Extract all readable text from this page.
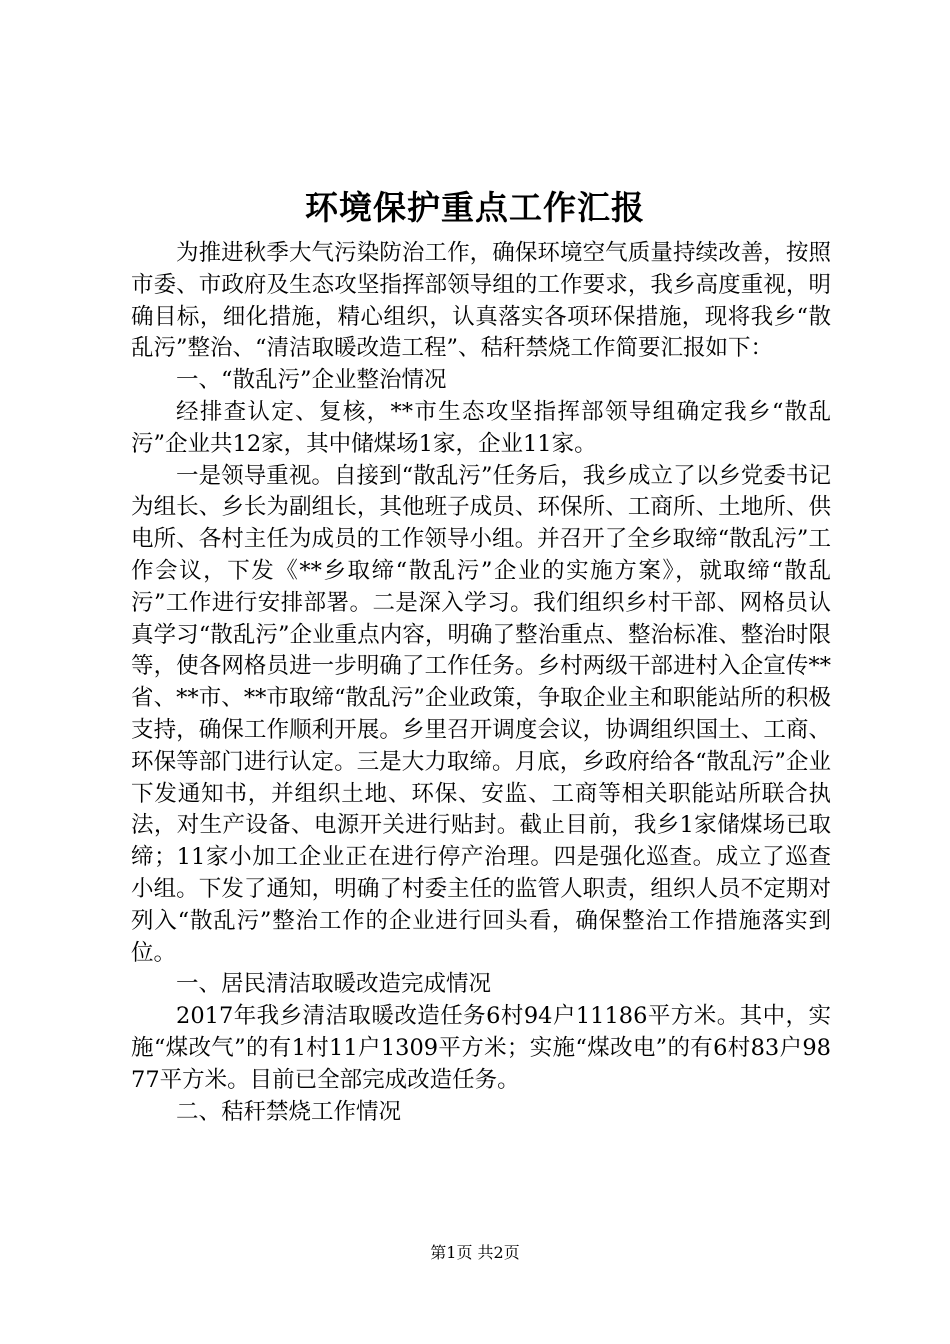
环境保护重点工作汇报

为推进秋季大气污染防治工作，确保环境空气质量持续改善，按照市委、市政府及生态攻坚指挥部领导组的工作要求，我乡高度重视，明确目标，细化措施，精心组织，认真落实各项环保措施，现将我乡“散乱污”整治、“清洁取暖改造工程”、秸秆禁烧工作简要汇报如下：

一、“散乱污”企业整治情况

经排查认定、复核，**市生态攻坚指挥部领导组确定我乡“散乱污”企业共12家，其中储煤场1家，企业11家。

一是领导重视。自接到“散乱污”任务后，我乡成立了以乡党委书记为组长、乡长为副组长，其他班子成员、环保所、工商所、土地所、供电所、各村主任为成员的工作领导小组。并召开了全乡取缔“散乱污”工作会议，下发《**乡取缔“散乱污”企业的实施方案》，就取缔“散乱污”工作进行安排部署。二是深入学习。我们组织乡村干部、网格员认真学习“散乱污”企业重点内容，明确了整治重点、整治标准、整治时限等，使各网格员进一步明确了工作任务。乡村两级干部进村入企宣传**省、**市、**市取缔“散乱污”企业政策，争取企业主和职能站所的积极支持，确保工作顺利开展。乡里召开调度会议，协调组织国土、工商、环保等部门进行认定。三是大力取缔。月底，乡政府给各“散乱污”企业下发通知书，并组织土地、环保、安监、工商等相关职能站所联合执法，对生产设备、电源开关进行贴封。截止目前，我乡1家储煤场已取缔；11家小加工企业正在进行停产治理。四是强化巡查。成立了巡查小组。下发了通知，明确了村委主任的监管人职责，组织人员不定期对列入“散乱污”整治工作的企业进行回头看，确保整治工作措施落实到位。

一、居民清洁取暖改造完成情况

2017年我乡清洁取暖改造任务6村94户11186平方米。其中，实施“煤改气”的有1村11户1309平方米；实施“煤改电”的有6村83户9877平方米。目前已全部完成改造任务。

二、秸秆禁烧工作情况

第1页 共2页
